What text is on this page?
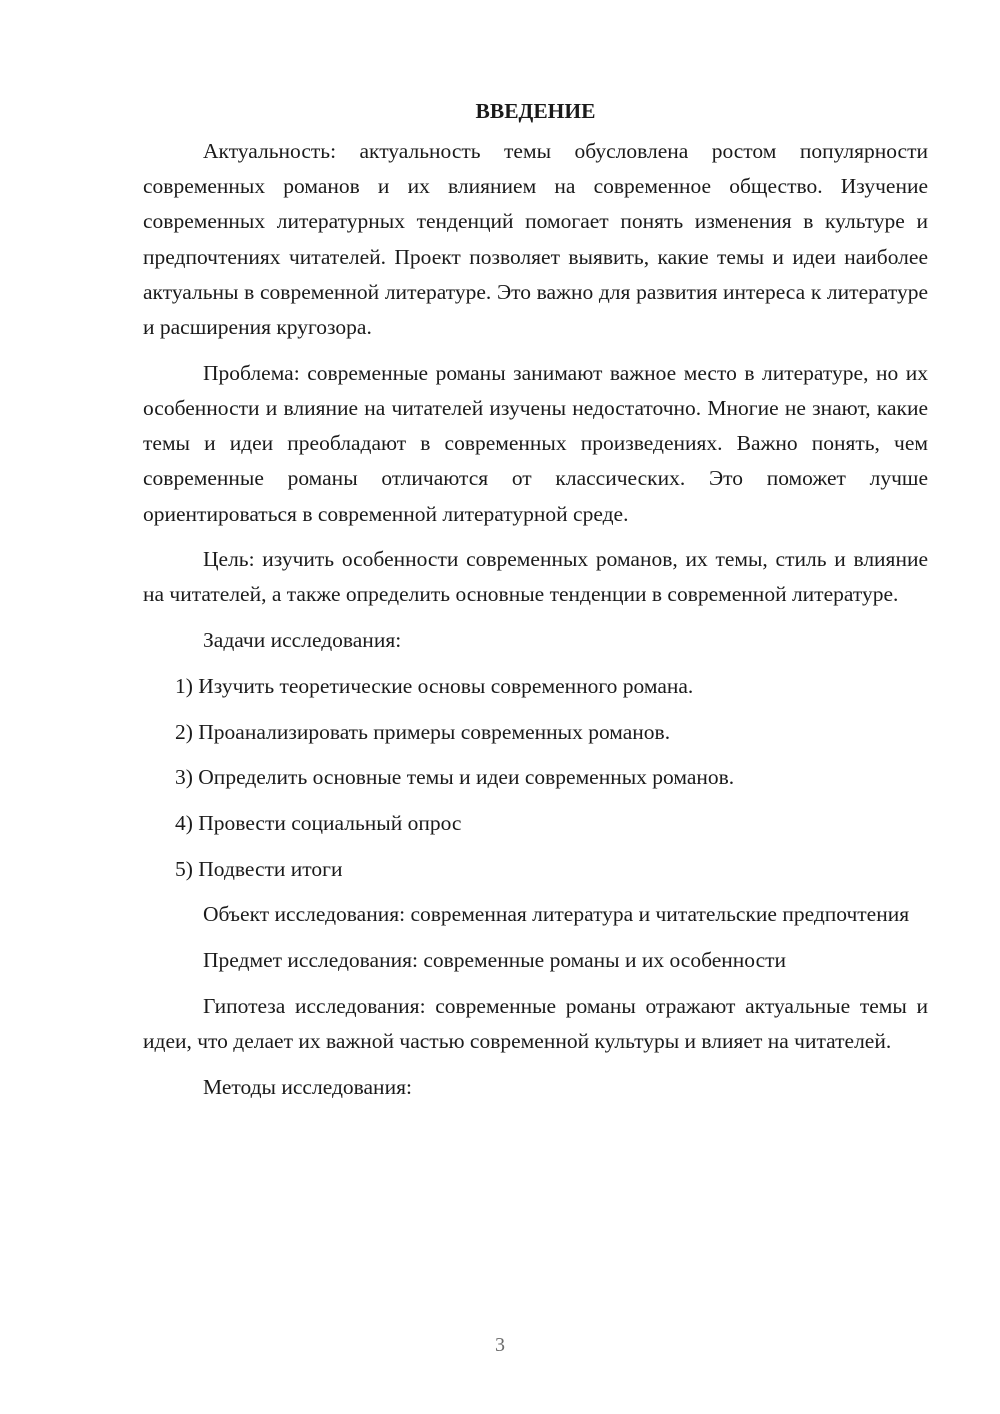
ВВЕДЕНИЕ

Актуальность: актуальность темы обусловлена ростом популярности современных романов и их влиянием на современное общество. Изучение современных литературных тенденций помогает понять изменения в культуре и предпочтениях читателей. Проект позволяет выявить, какие темы и идеи наиболее актуальны в современной литературе. Это важно для развития интереса к литературе и расширения кругозора.

Проблема: современные романы занимают важное место в литературе, но их особенности и влияние на читателей изучены недостаточно. Многие не знают, какие темы и идеи преобладают в современных произведениях. Важно понять, чем современные романы отличаются от классических. Это поможет лучше ориентироваться в современной литературной среде.

Цель: изучить особенности современных романов, их темы, стиль и влияние на читателей, а также определить основные тенденции в современной литературе.

Задачи исследования:

1) Изучить теоретические основы современного романа.
2) Проанализировать примеры современных романов.
3) Определить основные темы и идеи современных романов.
4) Провести социальный опрос
5) Подвести итоги

Объект исследования: современная литература и читательские предпочтения

Предмет исследования: современные романы и их особенности

Гипотеза исследования: современные романы отражают актуальные темы и идеи, что делает их важной частью современной культуры и влияет на читателей.

Методы исследования:

3
